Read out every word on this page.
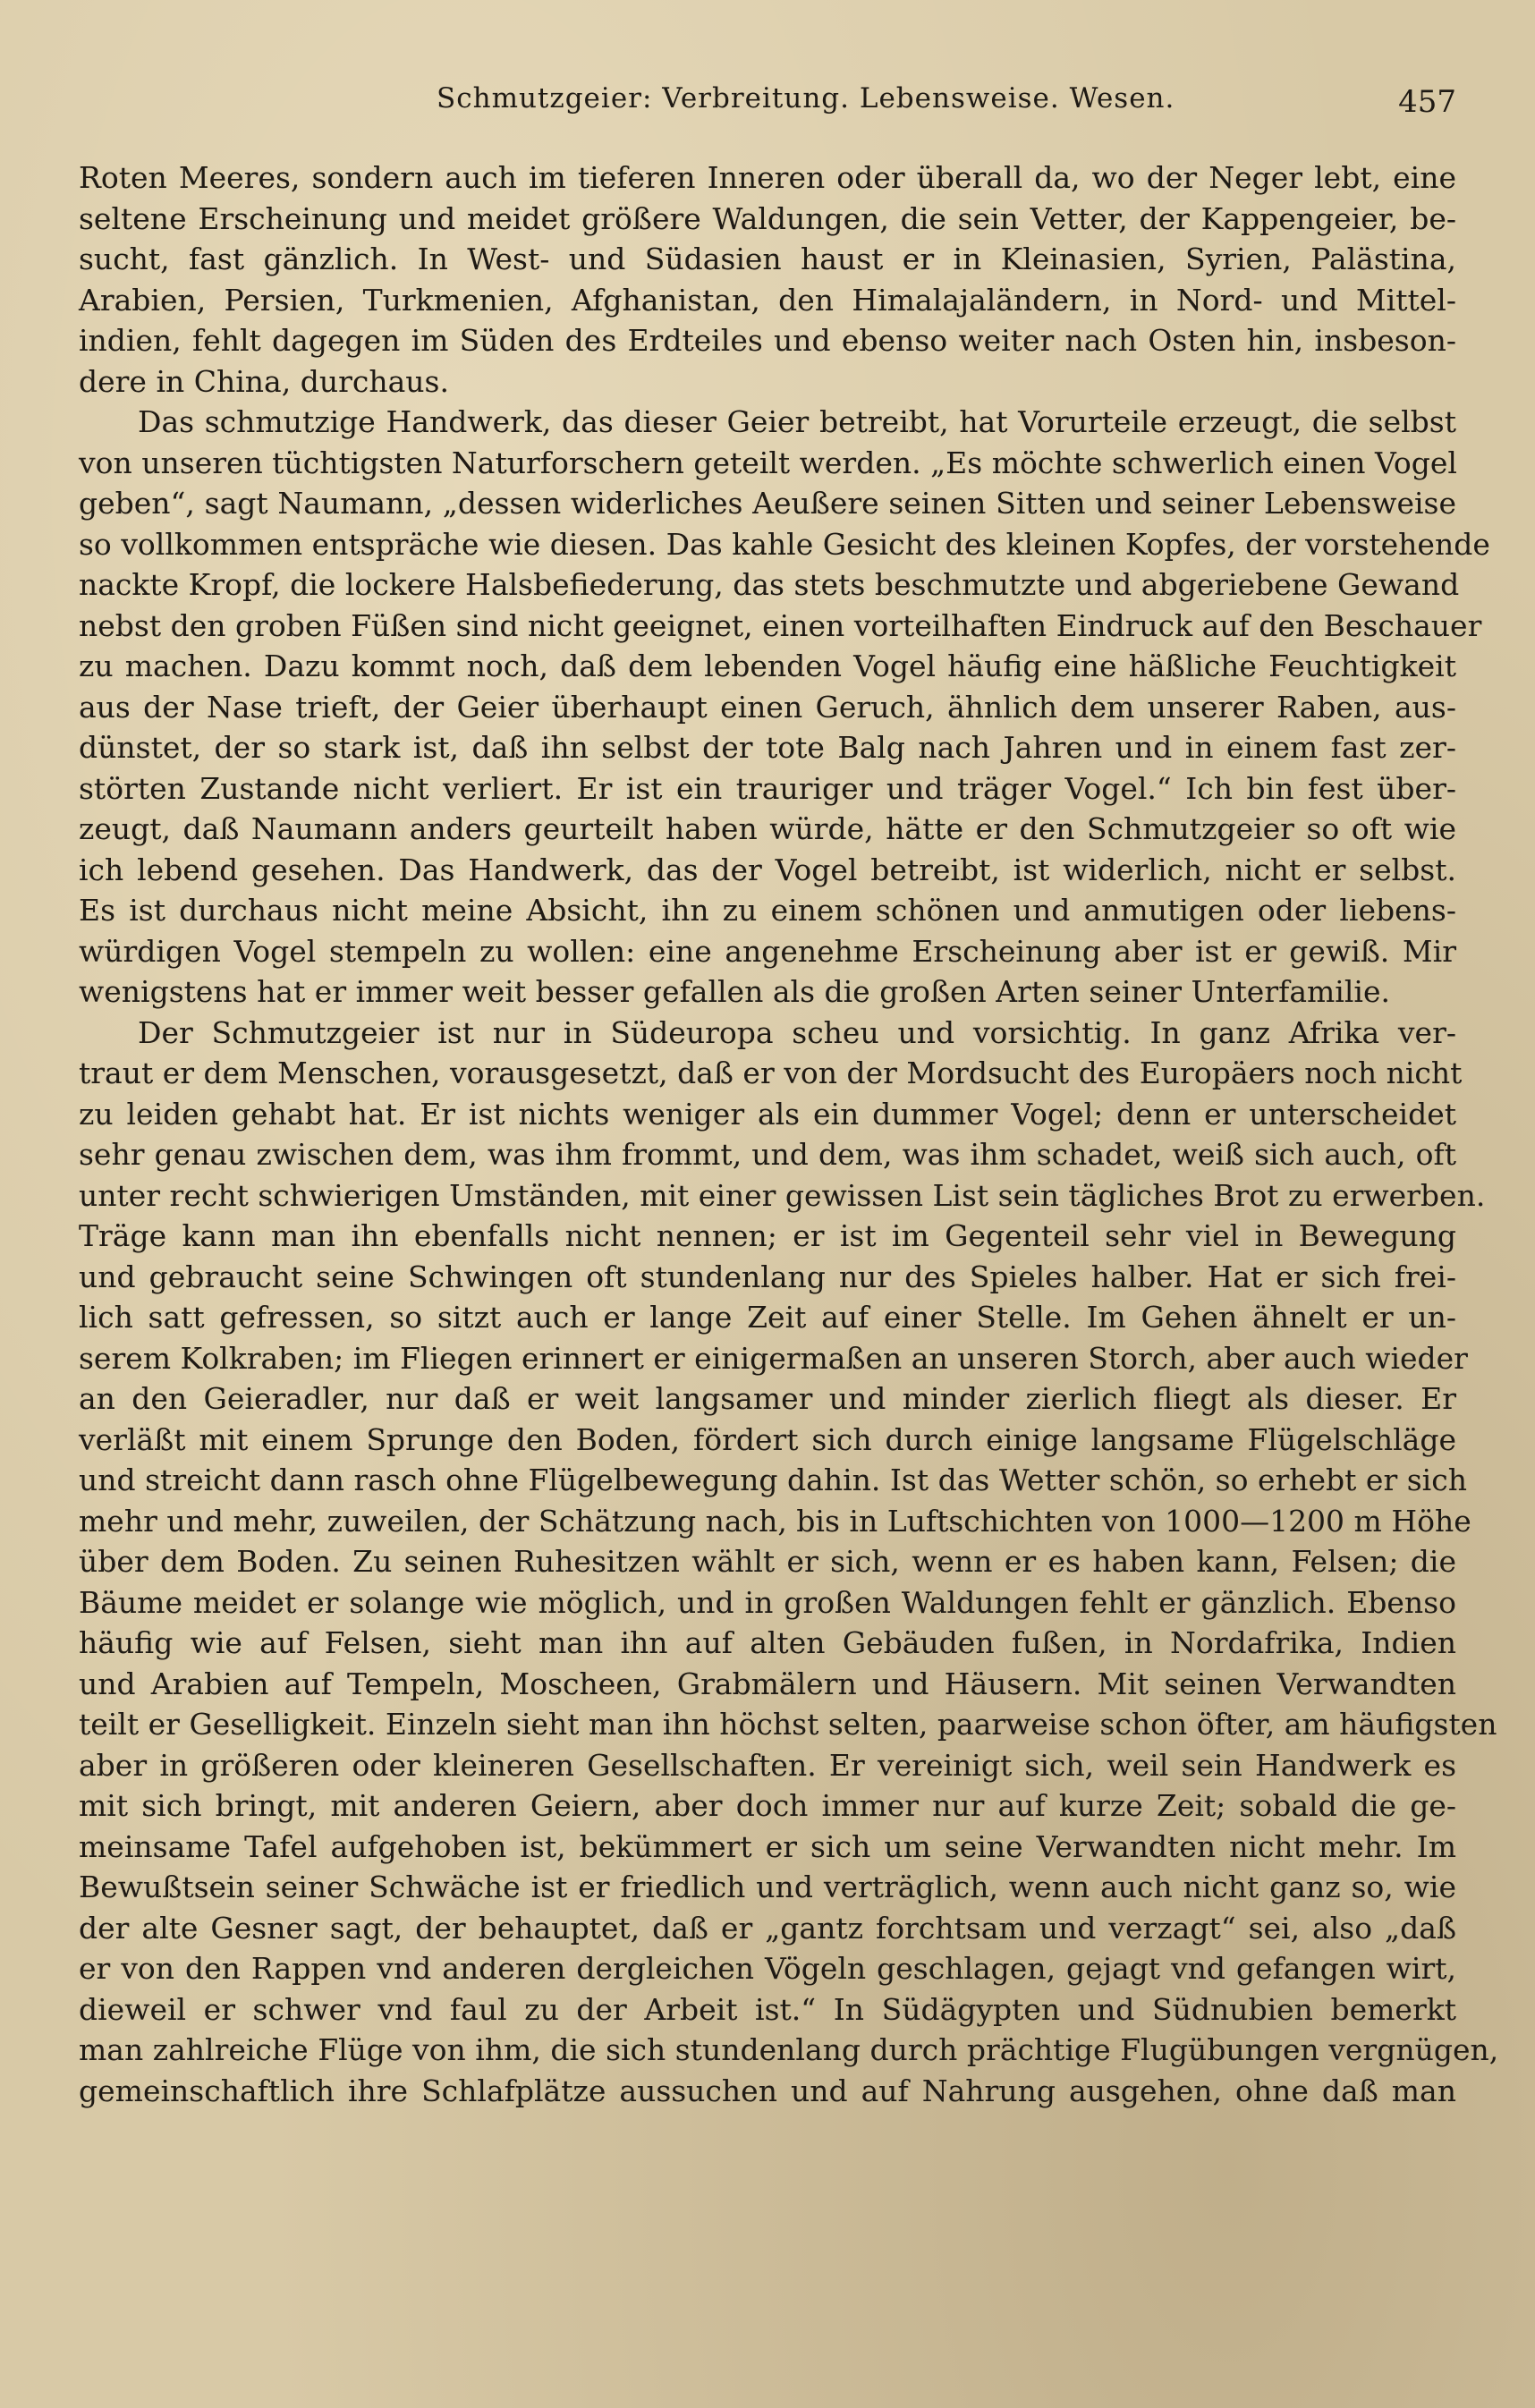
Schmutzgeier: Verbreitung. Lebensweise. Wesen.	457
Roten Meeres, sondern auch im tieferen Inneren oder überall da, wo der Neger lebt, eine
seltene Erscheinung und meidet größere Waldungen, die sein Vetter, der Kappengeier, be-
sucht, fast gänzlich. In West- und Südasien haust er in Kleinasien, Syrien, Palästina,
Arabien, Persien, Turkmenien, Afghanistan, den Himalajaländern, in Nord- und Mittel-
indien, fehlt dagegen im Süden des Erdteiles und ebenso weiter nach Osten hin, insbeson-
dere in China, durchaus.
Das schmutzige Handwerk, das dieser Geier betreibt, hat Vorurteile erzeugt, die selbst
von unseren tüchtigsten Naturforschern geteilt werden. „Es möchte schwerlich einen Vogel
geben“, sagt Naumann, „dessen widerliches Aeußere seinen Sitten und seiner Lebensweise
so vollkommen entspräche wie diesen. Das kahle Gesicht des kleinen Kopfes, der vorstehende
nackte Kropf, die lockere Halsbefiederung, das stets beschmutzte und abgeriebene Gewand
nebst den groben Füßen sind nicht geeignet, einen vorteilhaften Eindruck auf den Beschauer
zu machen. Dazu kommt noch, daß dem lebenden Vogel häufig eine häßliche Feuchtigkeit
aus der Nase trieft, der Geier überhaupt einen Geruch, ähnlich dem unserer Raben, aus-
dünstet, der so stark ist, daß ihn selbst der tote Balg nach Jahren und in einem fast zer-
störten Zustande nicht verliert. Er ist ein trauriger und träger Vogel.“ Ich bin fest über-
zeugt, daß Naumann anders geurteilt haben würde, hätte er den Schmutzgeier so oft wie
ich lebend gesehen. Das Handwerk, das der Vogel betreibt, ist widerlich, nicht er selbst.
Es ist durchaus nicht meine Absicht, ihn zu einem schönen und anmutigen oder liebens-
würdigen Vogel stempeln zu wollen: eine angenehme Erscheinung aber ist er gewiß. Mir
wenigstens hat er immer weit besser gefallen als die großen Arten seiner Unterfamilie.
Der Schmutzgeier ist nur in Südeuropa scheu und vorsichtig. In ganz Afrika ver-
traut er dem Menschen, vorausgesetzt, daß er von der Mordsucht des Europäers noch nicht
zu leiden gehabt hat. Er ist nichts weniger als ein dummer Vogel; denn er unterscheidet
sehr genau zwischen dem, was ihm frommt, und dem, was ihm schadet, weiß sich auch, oft
unter recht schwierigen Umständen, mit einer gewissen List sein tägliches Brot zu erwerben.
Träge kann man ihn ebenfalls nicht nennen; er ist im Gegenteil sehr viel in Bewegung
und gebraucht seine Schwingen oft stundenlang nur des Spieles halber. Hat er sich frei-
lich satt gefressen, so sitzt auch er lange Zeit auf einer Stelle. Im Gehen ähnelt er un-
serem Kolkraben; im Fliegen erinnert er einigermaßen an unseren Storch, aber auch wieder
an den Geieradler, nur daß er weit langsamer und minder zierlich fliegt als dieser. Er
verläßt mit einem Sprunge den Boden, fördert sich durch einige langsame Flügelschläge
und streicht dann rasch ohne Flügelbewegung dahin. Ist das Wetter schön, so erhebt er sich
mehr und mehr, zuweilen, der Schätzung nach, bis in Luftschichten von 1000—1200 m Höhe
über dem Boden. Zu seinen Ruhesitzen wählt er sich, wenn er es haben kann, Felsen; die
Bäume meidet er solange wie möglich, und in großen Waldungen fehlt er gänzlich. Ebenso
häufig wie auf Felsen, sieht man ihn auf alten Gebäuden fußen, in Nordafrika, Indien
und Arabien auf Tempeln, Moscheen, Grabmälern und Häusern. Mit seinen Verwandten
teilt er Geselligkeit. Einzeln sieht man ihn höchst selten, paarweise schon öfter, am häufigsten
aber in größeren oder kleineren Gesellschaften. Er vereinigt sich, weil sein Handwerk es
mit sich bringt, mit anderen Geiern, aber doch immer nur auf kurze Zeit; sobald die ge-
meinsame Tafel aufgehoben ist, bekümmert er sich um seine Verwandten nicht mehr. Im
Bewußtsein seiner Schwäche ist er friedlich und verträglich, wenn auch nicht ganz so, wie
der alte Gesner sagt, der behauptet, daß er „gantz forchtsam und verzagt“ sei, also „daß
er von den Rappen vnd anderen dergleichen Vögeln geschlagen, gejagt vnd gefangen wirt,
dieweil er schwer vnd faul zu der Arbeit ist.“ In Südägypten und Südnubien bemerkt
man zahlreiche Flüge von ihm, die sich stundenlang durch prächtige Flugübungen vergnügen,
gemeinschaftlich ihre Schlafplätze aussuchen und auf Nahrung ausgehen, ohne daß man
